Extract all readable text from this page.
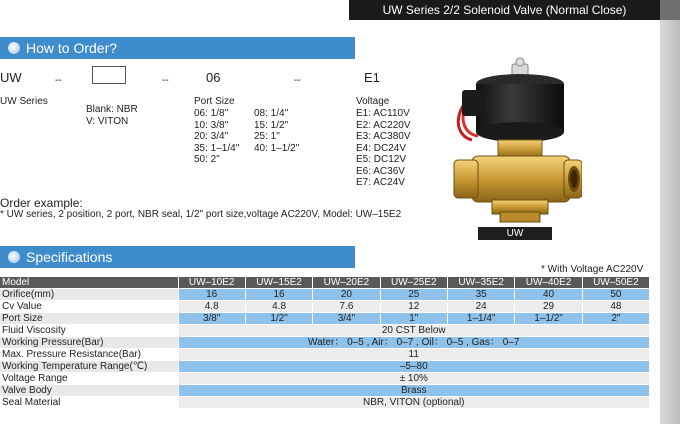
UW Series 2/2 Solenoid Valve (Normal Close)
How to Order?
UW	--	--	06	--	E1
UW Series
Blank: NBR
V: VITON
Port Size
06: 1/8"
10: 3/8"
20: 3/4"
35: 1–1/4"
50: 2"
08: 1/4"
15: 1/2"
25: 1"
40: 1–1/2"
Voltage
E1: AC110V
E2: AC220V
E3: AC380V
E4: DC24V
E5: DC12V
E6: AC36V
E7: AC24V
UW
Order example:
* UW series, 2 position, 2 port, NBR seal, 1/2" port size,voltage AC220V, Model: UW–15E2
Specifications
* With Voltage AC220V
Model	UW–10E2	UW–15E2	UW–20E2	UW–25E2	UW–35E2	UW–40E2	UW–50E2
Orifice(mm)	16	16	20	25	35	40	50
Cv Value	4.8	4.8	7.6	12	24	29	48
Port Size	3/8"	1/2"	3/4"	1"	1–1/4"	1–1/2"	2"
Fluid Viscosity	20 CST Below						
Working Pressure(Bar)	Water： 0–5 , Air： 0–7 , Oil： 0–5 , Gas： 0–7						
Max. Pressure Resistance(Bar)	11						
Working Temperature Range(℃)	–5–80						
Voltage Range	± 10%						
Valve Body	Brass						
Seal Material	NBR, VITON (optional)						
